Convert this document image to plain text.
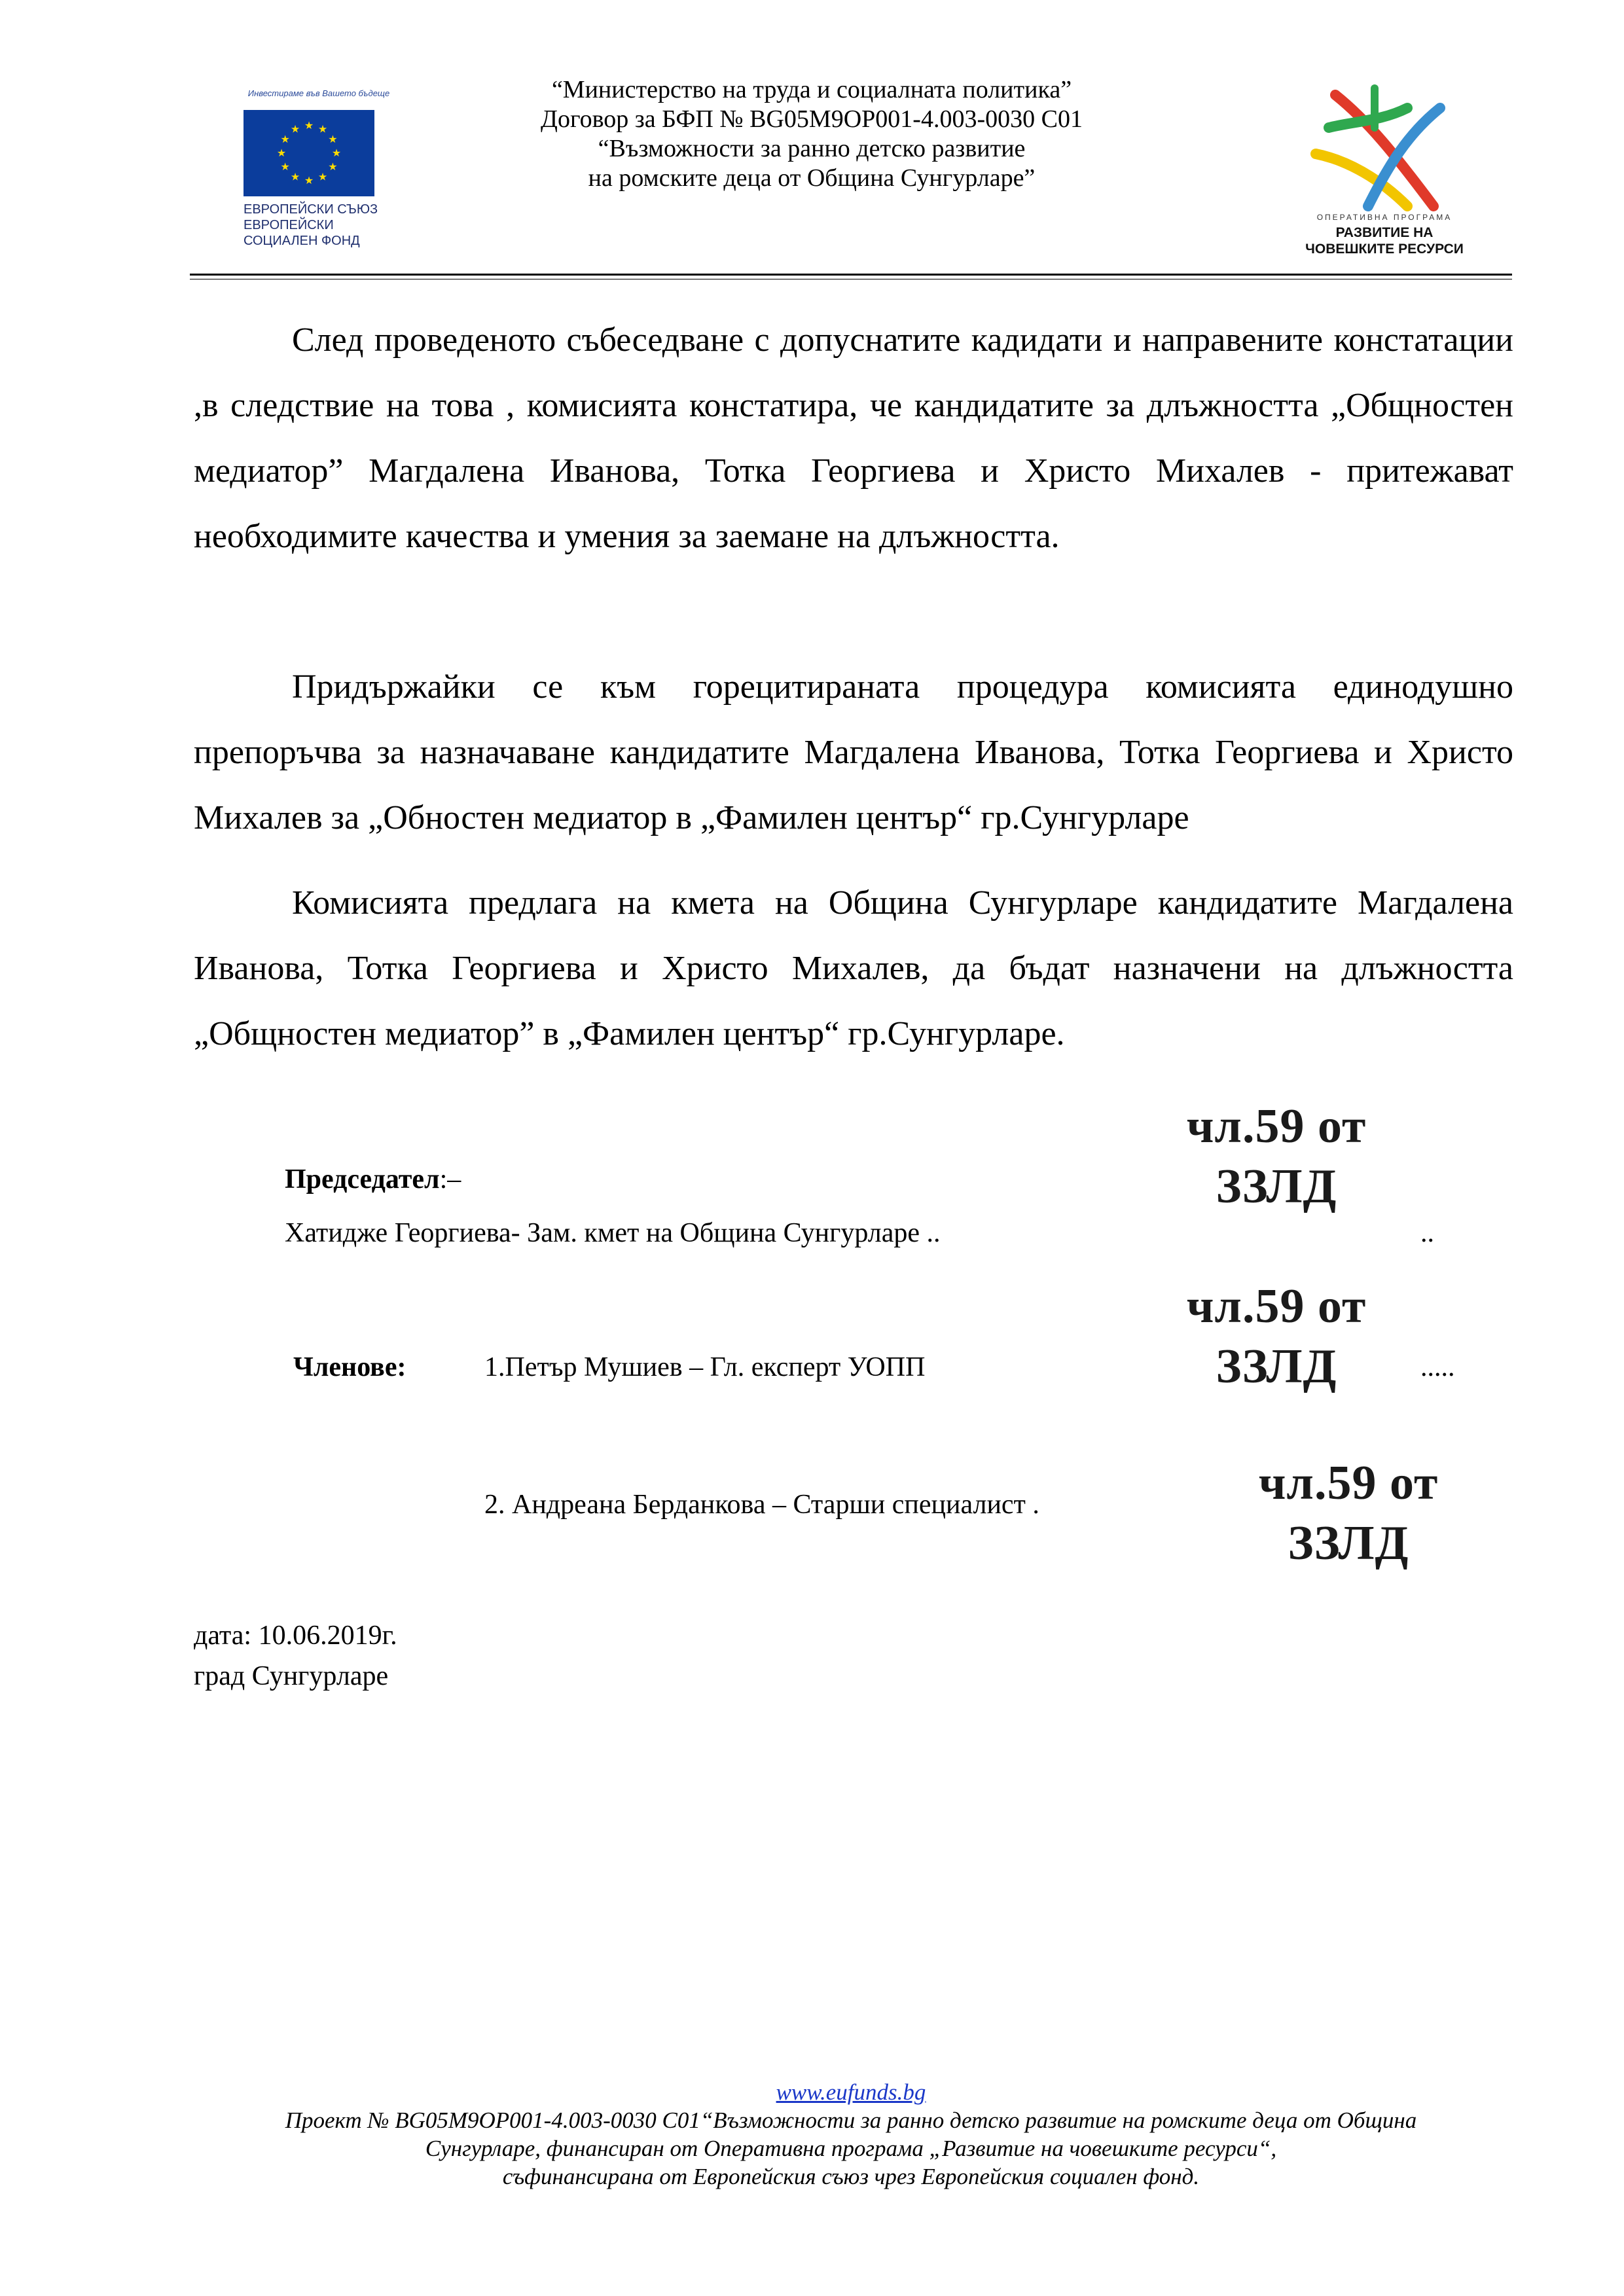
Инвестираме във Вашето бъдеще
★ ★
★
★
★
★
★
★
★
★
★
★
ЕВРОПЕЙСКИ СЪЮЗ
ЕВРОПЕЙСКИ
СОЦИАЛЕН ФОНД
“Министерство на труда и социалната политика”
Договор за БФП № BG05M9OP001-4.003-0030 C01
“Възможности за ранно детско развитие
на ромските деца от Община Сунгурларе”
ОПЕРАТИВНА ПРОГРАМА
РАЗВИТИЕ НА
ЧОВЕШКИТЕ РЕСУРСИ
След проведеното събеседване с допуснатите кадидати и направените констатации ,в следствие на това , комисията констатира, че кандидатите за длъжността „Общностен медиатор” Магдалена Иванова, Тотка Георгиева и Христо Михалев - притежават необходимите качества и умения за заемане на длъжността.
Придържайки се към горецитираната процедура комисията единодушно препоръчва за назначаване кандидатите Магдалена Иванова, Тотка Георгиева и Христо Михалев за „Обностен медиатор в „Фамилен център“ гр.Сунгурларе
Комисията предлага на кмета на Община Сунгурларе кандидатите Магдалена Иванова, Тотка Георгиева и Христо Михалев, да бъдат назначени на длъжността „Общностен медиатор” в „Фамилен център“ гр.Сунгурларе.
Председател:–
Хатидже Георгиева- Зам. кмет на Община Сунгурларе ..	..
чл.59 от
ЗЗЛД
Членове:	1.Петър Мушиев – Гл. експерт УОПП	.....
чл.59 от
ЗЗЛД
2. Андреана Берданкова – Старши специалист .	чл.59 от
ЗЗЛД
дата: 10.06.2019г.
град Сунгурларе
www.eufunds.bg
Проект № BG05M9OP001-4.003-0030 C01“Възможности за ранно детско развитие на ромските деца от Община
Сунгурларе, финансиран от Оперативна програма „Развитие на човешките ресурси“,
съфинансирана от Европейския съюз чрез Европейския социален фонд.
